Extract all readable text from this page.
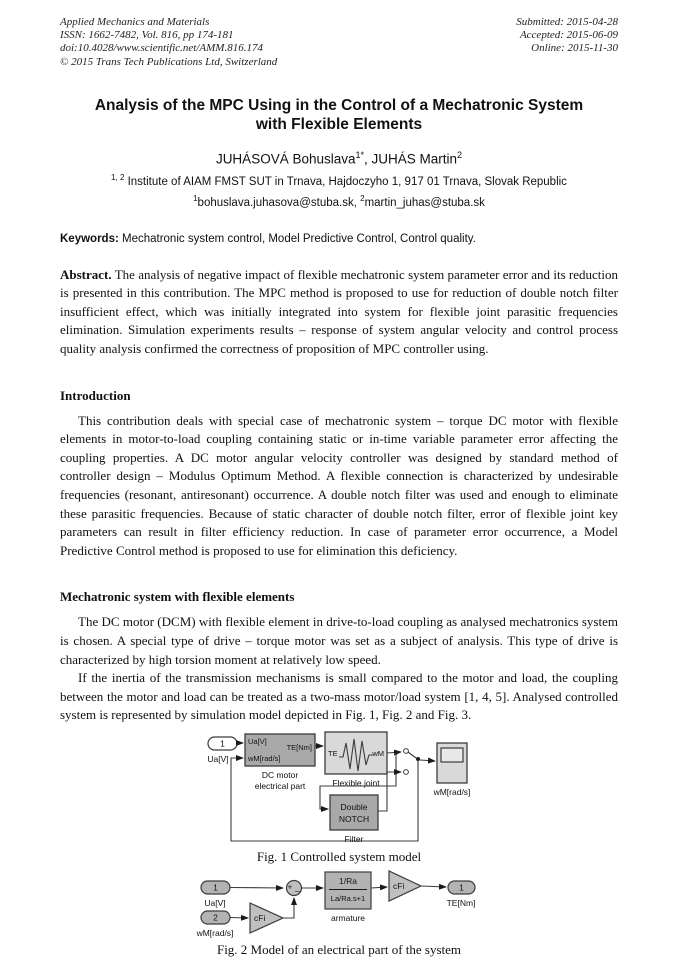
Applied Mechanics and Materials
ISSN: 1662-7482, Vol. 816, pp 174-181
doi:10.4028/www.scientific.net/AMM.816.174
© 2015 Trans Tech Publications Ltd, Switzerland
Submitted: 2015-04-28
Accepted: 2015-06-09
Online: 2015-11-30
Analysis of the MPC Using in the Control of a Mechatronic System with Flexible Elements
JUHÁSOVÁ Bohuslava$^{1*}$, JUHÁS Martin$^2$
$^{1, 2}$ Institute of AIAM FMST SUT in Trnava, Hajdoczyho 1, 917 01 Trnava, Slovak Republic
$^1$bohuslava.juhasova@stuba.sk, $^2$martin_juhas@stuba.sk
Keywords: Mechatronic system control, Model Predictive Control, Control quality.
Abstract. The analysis of negative impact of flexible mechatronic system parameter error and its reduction is presented in this contribution. The MPC method is proposed to use for reduction of double notch filter insufficient effect, which was initially integrated into system for flexible joint parasitic frequencies elimination. Simulation experiments results – response of system angular velocity and control process quality analysis confirmed the correctness of proposition of MPC controller using.
Introduction
This contribution deals with special case of mechatronic system – torque DC motor with flexible elements in motor-to-load coupling containing static or in-time variable parameter error affecting the coupling properties. A DC motor angular velocity controller was designed by standard method of controller design – Modulus Optimum Method. A flexible connection is characterized by undesirable frequencies (resonant, antiresonant) occurrence. A double notch filter was used and enough to eliminate these parasitic frequencies. Because of static character of double notch filter, error of flexible joint key parameters can result in filter efficiency reduction. In case of parameter error occurrence, a Model Predictive Control method is proposed to use for elimination this deficiency.
Mechatronic system with flexible elements
The DC motor (DCM) with flexible element in drive-to-load coupling as analysed mechatronics system is chosen. A special type of drive – torque motor was set as a subject of analysis. This type of drive is characterized by high torsion moment at relatively low speed.
If the inertia of the transmission mechanisms is small compared to the motor and load, the coupling between the motor and load can be treated as a two-mass motor/load system [1, 4, 5]. Analysed controlled system is represented by simulation model depicted in Fig. 1, Fig. 2 and Fig. 3.
1
Ua[V]
Ua[V]
wM[rad/s]
TE[Nm]
DC motor
electrical part
TE	wM
Flexible joint
wM[rad/s]
Double
NOTCH
Filter
Fig. 1 Controlled system model
1
Ua[V]
2
wM[rad/s]
cFi
+ _
1/Ra
La/Ra.s+1
armature
cFi	1
TE[Nm]
Fig. 2 Model of an electrical part of the system
